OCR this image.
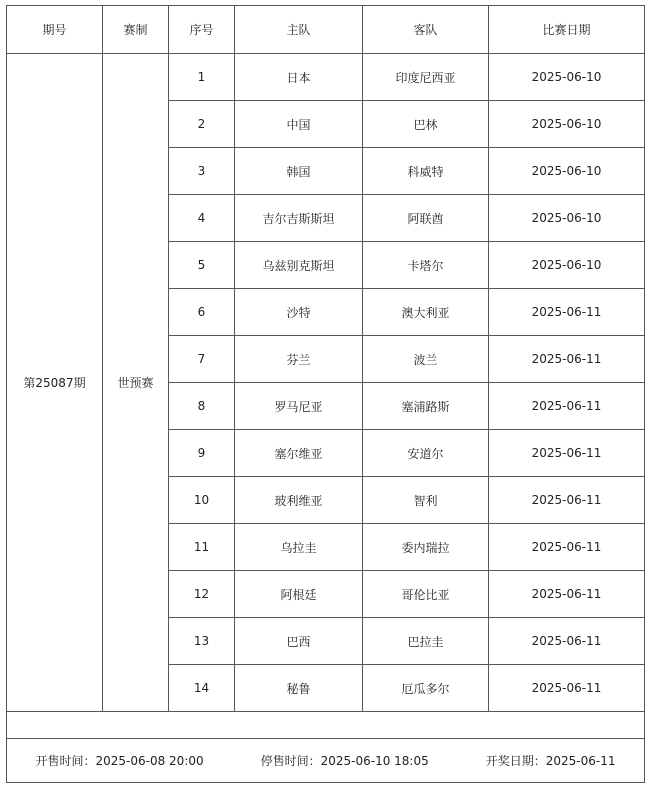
期号	赛制	序号	主队	客队	比赛日期
第25087期	世预赛	1	日本	印度尼西亚	2025-06-10
		2	中国	巴林	2025-06-10
		3	韩国	科威特	2025-06-10
		4	吉尔吉斯斯坦	阿联酋	2025-06-10
		5	乌兹别克斯坦	卡塔尔	2025-06-10
		6	沙特	澳大利亚	2025-06-11
		7	芬兰	波兰	2025-06-11
		8	罗马尼亚	塞浦路斯	2025-06-11
		9	塞尔维亚	安道尔	2025-06-11
		10	玻利维亚	智利	2025-06-11
		11	乌拉圭	委内瑞拉	2025-06-11
		12	阿根廷	哥伦比亚	2025-06-11
		13	巴西	巴拉圭	2025-06-11
		14	秘鲁	厄瓜多尔	2025-06-11

开售时间：2025-06-08 20:00 停售时间：2025-06-10 18:05 开奖日期：2025-06-11					
